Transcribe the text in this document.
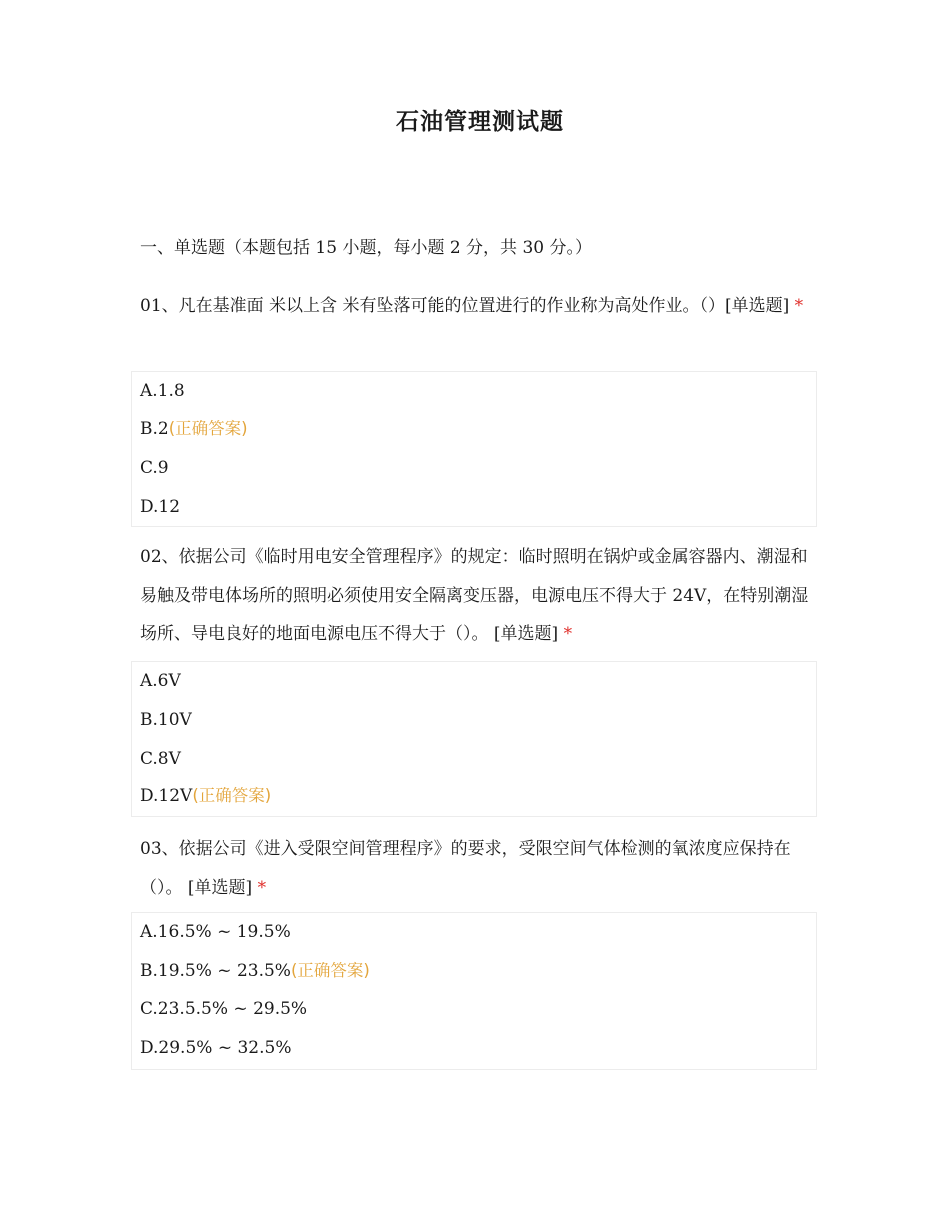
石油管理测试题
一、单选题（本题包括 15 小题，每小题 2 分，共 30 分。）
01、凡在基准面 米以上含 米有坠落可能的位置进行的作业称为高处作业。（）[单选题] *
A.1.8
B.2(正确答案)
C.9
D.12
02、依据公司《临时用电安全管理程序》的规定：临时照明在锅炉或金属容器内、潮湿和易触及带电体场所的照明必须使用安全隔离变压器，电源电压不得大于 24V，在特别潮湿场所、导电良好的地面电源电压不得大于（）。 [单选题] *
A.6V
B.10V
C.8V
D.12V(正确答案)
03、依据公司《进入受限空间管理程序》的要求，受限空间气体检测的氧浓度应保持在（）。 [单选题] *
A.16.5% ~ 19.5%
B.19.5% ~ 23.5%(正确答案)
C.23.5.5% ~ 29.5%
D.29.5% ~ 32.5%
